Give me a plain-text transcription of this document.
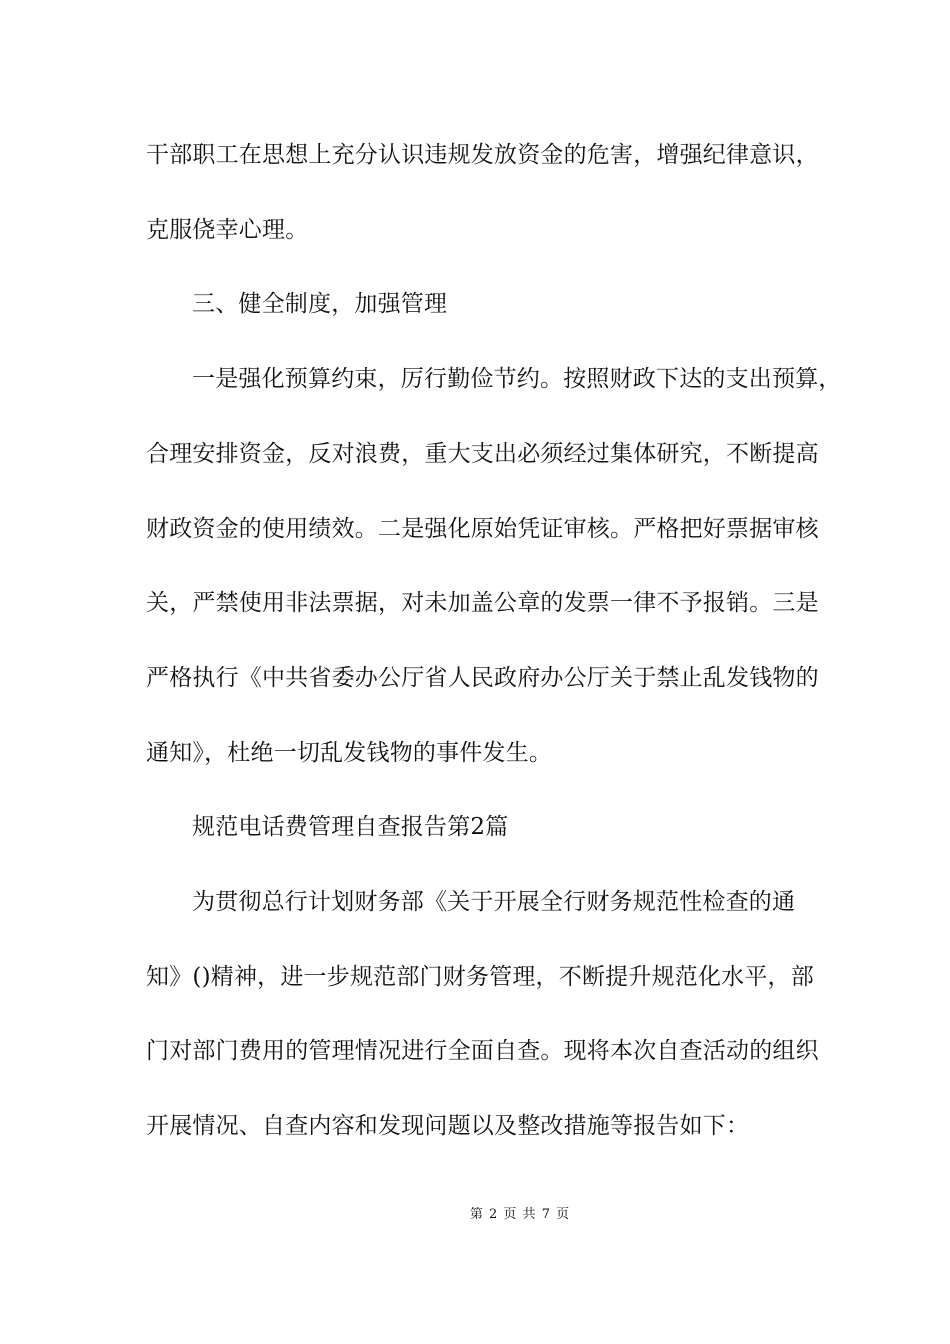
干部职工在思想上充分认识违规发放资金的危害，增强纪律意识，
克服侥幸心理。
三、健全制度，加强管理
一是强化预算约束，厉行勤俭节约。按照财政下达的支出预算，
合理安排资金，反对浪费，重大支出必须经过集体研究，不断提高
财政资金的使用绩效。二是强化原始凭证审核。严格把好票据审核
关，严禁使用非法票据，对未加盖公章的发票一律不予报销。三是
严格执行《中共省委办公厅省人民政府办公厅关于禁止乱发钱物的
通知》，杜绝一切乱发钱物的事件发生。
规范电话费管理自查报告第2篇
为贯彻总行计划财务部《关于开展全行财务规范性检查的通
知》()精神，进一步规范部门财务管理，不断提升规范化水平，部
门对部门费用的管理情况进行全面自查。现将本次自查活动的组织
开展情况、自查内容和发现问题以及整改措施等报告如下：
第 2 页 共 7 页
